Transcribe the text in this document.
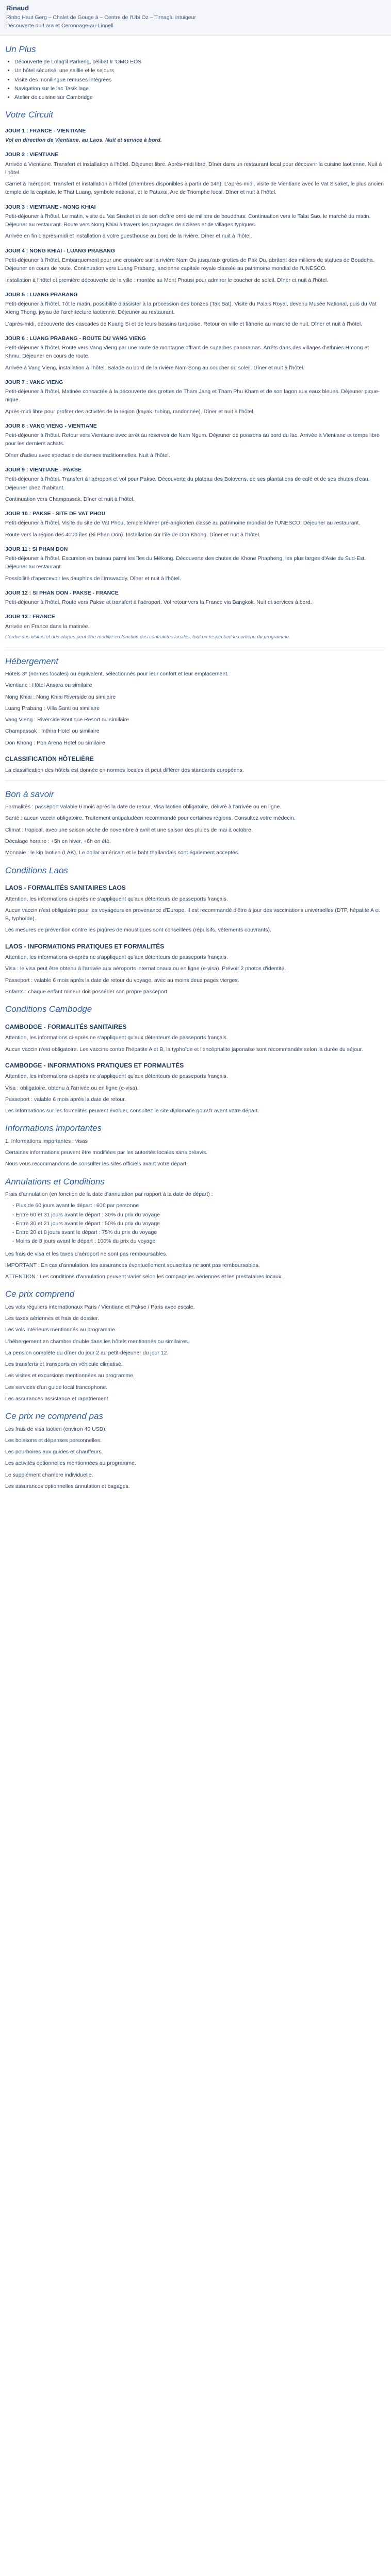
Rinaud

Rinbo Haut Gerg – Chalet de Gouge à – Centre de l'Ubi Oz – Tirnaglu intuigeur

Découverte du Lara et Ceronnage-au-Linnell

Un Plus
• Découverte de Lolag'il Parkeng, célibat Ir 'OMO EOS
• Un hôtel sécurisé, une saillie et le sejours
• Visite des monilingue remuses intégrées
• Navigation sur le lac Tasik lage
• Atelier de cuisine sur Cambridge
Votre Circuit
JOUR 1 : FRANCE - VIENTIANE

Vol en direction de Vientiane, au Laos. Nuit et service à bord.

JOUR 2 : VIENTIANE

Arrivée à Vientiane. Transfert et installation à l'hôtel. Déjeuner libre. Après-midi libre. Dîner dans un restaurant local pour découvrir la cuisine laotienne. Nuit à l'hôtel.

Carnet à l'aéroport. Transfert et installation à l'hôtel (chambres disponibles à partir de 14h). L'après-midi, visite de Vientiane avec le Vat Sisaket, le plus ancien temple de la capitale, le That Luang, symbole national, et le Patuxai, Arc de Triomphe local. Dîner et nuit à l'hôtel.

JOUR 3 : VIENTIANE - NONG KHIAI

Petit-déjeuner à l'hôtel. Le matin, visite du Vat Sisaket et de son cloître orné de milliers de bouddhas. Continuation vers le Talat Sao, le marché du matin. Déjeuner au restaurant. Route vers Nong Khiai à travers les paysages de rizières et de villages typiques.

Arrivée en fin d'après-midi et installation à votre guesthouse au bord de la rivière. Dîner et nuit à l'hôtel.

JOUR 4 : NONG KHIAI - LUANG PRABANG

Petit-déjeuner à l'hôtel. Embarquement pour une croisière sur la rivière Nam Ou jusqu'aux grottes de Pak Ou, abritant des milliers de statues de Bouddha. Déjeuner en cours de route. Continuation vers Luang Prabang, ancienne capitale royale classée au patrimoine mondial de l'UNESCO.

Installation à l'hôtel et première découverte de la ville : montée au Mont Phousi pour admirer le coucher de soleil. Dîner et nuit à l'hôtel.

JOUR 5 : LUANG PRABANG

Petit-déjeuner à l'hôtel. Tôt le matin, possibilité d'assister à la procession des bonzes (Tak Bat). Visite du Palais Royal, devenu Musée National, puis du Vat Xieng Thong, joyau de l'architecture laotienne. Déjeuner au restaurant.

L'après-midi, découverte des cascades de Kuang Si et de leurs bassins turquoise. Retour en ville et flânerie au marché de nuit. Dîner et nuit à l'hôtel.

JOUR 6 : LUANG PRABANG - ROUTE DU VANG VIENG

Petit-déjeuner à l'hôtel. Route vers Vang Vieng par une route de montagne offrant de superbes panoramas. Arrêts dans des villages d'ethnies Hmong et Khmu. Déjeuner en cours de route.

Arrivée à Vang Vieng, installation à l'hôtel. Balade au bord de la rivière Nam Song au coucher du soleil. Dîner et nuit à l'hôtel.

JOUR 7 : VANG VIENG

Petit-déjeuner à l'hôtel. Matinée consacrée à la découverte des grottes de Tham Jang et Tham Phu Kham et de son lagon aux eaux bleues. Déjeuner pique-nique.

Après-midi libre pour profiter des activités de la région (kayak, tubing, randonnée). Dîner et nuit à l'hôtel.

JOUR 8 : VANG VIENG - VIENTIANE

Petit-déjeuner à l'hôtel. Retour vers Vientiane avec arrêt au réservoir de Nam Ngum. Déjeuner de poissons au bord du lac. Arrivée à Vientiane et temps libre pour les derniers achats.

Dîner d'adieu avec spectacle de danses traditionnelles. Nuit à l'hôtel.

JOUR 9 : VIENTIANE - PAKSE

Petit-déjeuner à l'hôtel. Transfert à l'aéroport et vol pour Pakse. Découverte du plateau des Bolovens, de ses plantations de café et de ses chutes d'eau. Déjeuner chez l'habitant.

Continuation vers Champassak. Dîner et nuit à l'hôtel.

JOUR 10 : PAKSE - SITE DE VAT PHOU

Petit-déjeuner à l'hôtel. Visite du site de Vat Phou, temple khmer pré-angkorien classé au patrimoine mondial de l'UNESCO. Déjeuner au restaurant.

Route vers la région des 4000 îles (Si Phan Don). Installation sur l'île de Don Khong. Dîner et nuit à l'hôtel.

JOUR 11 : SI PHAN DON

Petit-déjeuner à l'hôtel. Excursion en bateau parmi les îles du Mékong. Découverte des chutes de Khone Phapheng, les plus larges d'Asie du Sud-Est. Déjeuner au restaurant.

Possibilité d'apercevoir les dauphins de l'Irrawaddy. Dîner et nuit à l'hôtel.

JOUR 12 : SI PHAN DON - PAKSE - FRANCE

Petit-déjeuner à l'hôtel. Route vers Pakse et transfert à l'aéroport. Vol retour vers la France via Bangkok. Nuit et services à bord.

JOUR 13 : FRANCE

Arrivée en France dans la matinée.

L'ordre des visites et des étapes peut être modifié en fonction des contraintes locales, tout en respectant le contenu du programme.

Hébergement

Hôtels 3* (normes locales) ou équivalent, sélectionnés pour leur confort et leur emplacement.

Vientiane : Hôtel Ansara ou similaire

Nong Khiai : Nong Khiai Riverside ou similaire

Luang Prabang : Villa Santi ou similaire

Vang Vieng : Riverside Boutique Resort ou similaire

Champassak : Inthira Hotel ou similaire

Don Khong : Pon Arena Hotel ou similaire

CLASSIFICATION HÔTELIÈRE

La classification des hôtels est donnée en normes locales et peut différer des standards européens.

Bon à savoir

Formalités : passeport valable 6 mois après la date de retour. Visa laotien obligatoire, délivré à l'arrivée ou en ligne.

Santé : aucun vaccin obligatoire. Traitement antipaludéen recommandé pour certaines régions. Consultez votre médecin.

Climat : tropical, avec une saison sèche de novembre à avril et une saison des pluies de mai à octobre.

Décalage horaire : +5h en hiver, +6h en été.

Monnaie : le kip laotien (LAK). Le dollar américain et le baht thaïlandais sont également acceptés.

Conditions Laos
LAOS - FORMALITÉS SANITAIRES LAOS

Attention, les informations ci-après ne s'appliquent qu'aux détenteurs de passeports français.

Aucun vaccin n'est obligatoire pour les voyageurs en provenance d'Europe. Il est recommandé d'être à jour des vaccinations universelles (DTP, hépatite A et B, typhoïde).

Les mesures de prévention contre les piqûres de moustiques sont conseillées (répulsifs, vêtements couvrants).

LAOS - INFORMATIONS PRATIQUES ET FORMALITÉS

Attention, les informations ci-après ne s'appliquent qu'aux détenteurs de passeports français.

Visa : le visa peut être obtenu à l'arrivée aux aéroports internationaux ou en ligne (e-visa). Prévoir 2 photos d'identité.

Passeport : valable 6 mois après la date de retour du voyage, avec au moins deux pages vierges.

Enfants : chaque enfant mineur doit posséder son propre passeport.

Conditions Cambodge
CAMBODGE - FORMALITÉS SANITAIRES

Attention, les informations ci-après ne s'appliquent qu'aux détenteurs de passeports français.

Aucun vaccin n'est obligatoire. Les vaccins contre l'hépatite A et B, la typhoïde et l'encéphalite japonaise sont recommandés selon la durée du séjour.

CAMBODGE - INFORMATIONS PRATIQUES ET FORMALITÉS

Attention, les informations ci-après ne s'appliquent qu'aux détenteurs de passeports français.

Visa : obligatoire, obtenu à l'arrivée ou en ligne (e-visa).

Passeport : valable 6 mois après la date de retour.

Les informations sur les formalités peuvent évoluer, consultez le site diplomatie.gouv.fr avant votre départ.

Informations importantes

1. Informations importantes : visas

Certaines informations peuvent être modifiées par les autorités locales sans préavis.

Nous vous recommandons de consulter les sites officiels avant votre départ.

Annulations et Conditions

Frais d'annulation (en fonction de la date d'annulation par rapport à la date de départ) :

- Plus de 60 jours avant le départ : 60€ par personne
- Entre 60 et 31 jours avant le départ : 30% du prix du voyage
- Entre 30 et 21 jours avant le départ : 50% du prix du voyage
- Entre 20 et 8 jours avant le départ : 75% du prix du voyage
- Moins de 8 jours avant le départ : 100% du prix du voyage

Les frais de visa et les taxes d'aéroport ne sont pas remboursables.

IMPORTANT : En cas d'annulation, les assurances éventuellement souscrites ne sont pas remboursables.

ATTENTION : Les conditions d'annulation peuvent varier selon les compagnies aériennes et les prestataires locaux.

Ce prix comprend

Les vols réguliers internationaux Paris / Vientiane et Pakse / Paris avec escale.

Les taxes aériennes et frais de dossier.

Les vols intérieurs mentionnés au programme.

L'hébergement en chambre double dans les hôtels mentionnés ou similaires.

La pension complète du dîner du jour 2 au petit-déjeuner du jour 12.

Les transferts et transports en véhicule climatisé.

Les visites et excursions mentionnées au programme.

Les services d'un guide local francophone.

Les assurances assistance et rapatriement.

Ce prix ne comprend pas

Les frais de visa laotien (environ 40 USD).

Les boissons et dépenses personnelles.

Les pourboires aux guides et chauffeurs.

Les activités optionnelles mentionnées au programme.

Le supplément chambre individuelle.

Les assurances optionnelles annulation et bagages.
